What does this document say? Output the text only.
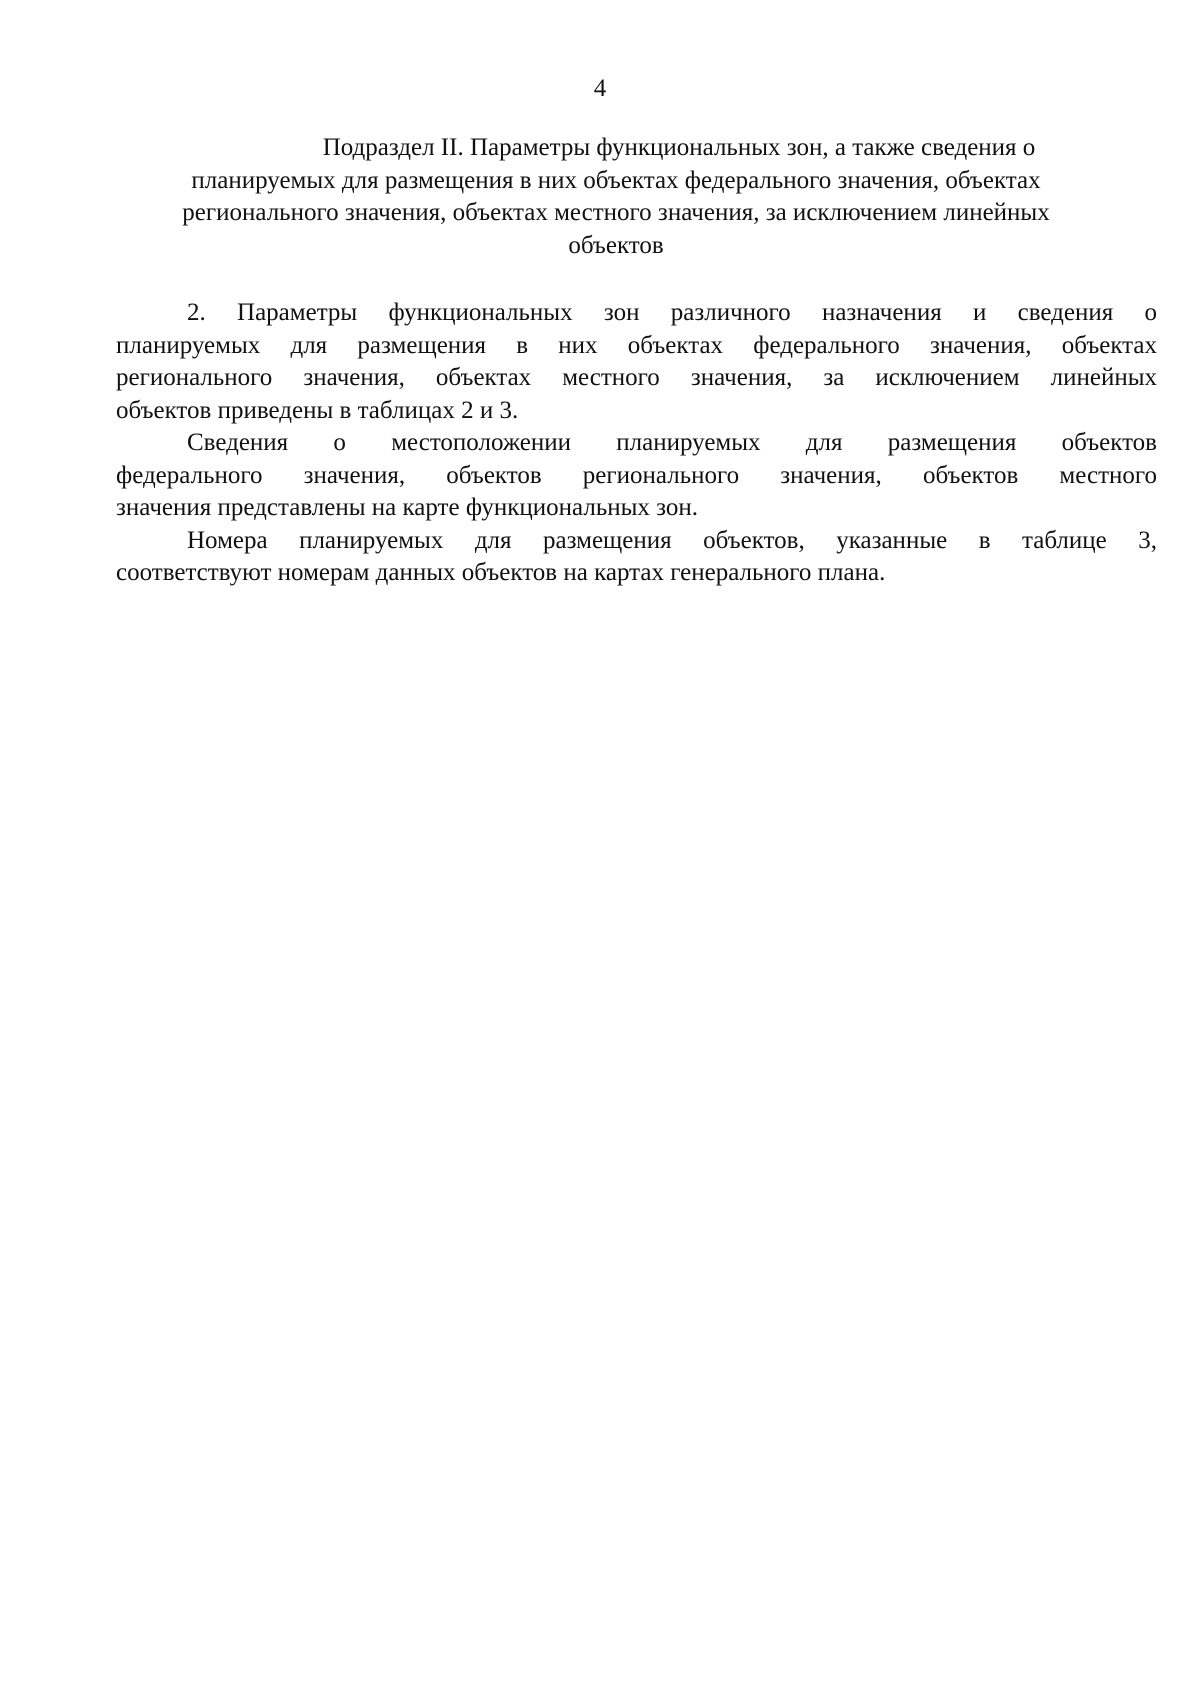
4
Подраздел II. Параметры функциональных зон, а также сведения о
планируемых для размещения в них объектах федерального значения, объектах
регионального значения, объектах местного значения, за исключением линейных
объектов

2. Параметры функциональных зон различного назначения и сведения о
планируемых для размещения в них объектах федерального значения, объектах
регионального значения, объектах местного значения, за исключением линейных
объектов приведены в таблицах 2 и 3.

Сведения о местоположении планируемых для размещения объектов
федерального значения, объектов регионального значения, объектов местного
значения представлены на карте функциональных зон.

Номера планируемых для размещения объектов, указанные в таблице 3,
соответствуют номерам данных объектов на картах генерального плана.
